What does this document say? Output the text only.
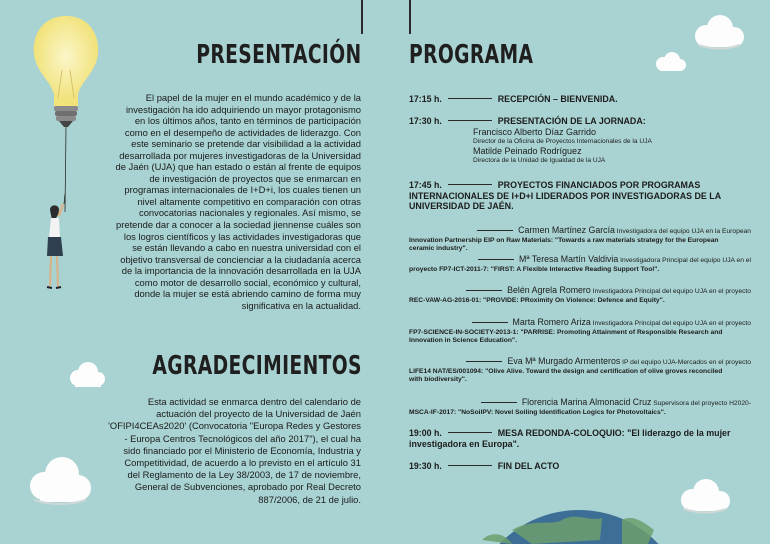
PRESENTACIÓN
El papel de la mujer en el mundo académico y de la
investigación ha ido adquiriendo un mayor protagonismo
en los últimos años, tanto en términos de participación
como en el desempeño de actividades de liderazgo. Con
este seminario se pretende dar visibilidad a la actividad
desarrollada por mujeres investigadoras de la Universidad
de Jaén (UJA) que han estado o están al frente de equipos
de investigación de proyectos que se enmarcan en
programas internacionales de I+D+i, los cuales tienen un
nivel altamente competitivo en comparación con otras
convocatorias nacionales y regionales. Así mismo, se
pretende dar a conocer a la sociedad jiennense cuáles son
los logros científicos y las actividades investigadoras que
se están llevando a cabo en nuestra universidad con el
objetivo transversal de concienciar a la ciudadanía acerca
de la importancia de la innovación desarrollada en la UJA
como motor de desarrollo social, económico y cultural,
donde la mujer se está abriendo camino de forma muy
significativa en la actualidad.
AGRADECIMIENTOS
Esta actividad se enmarca dentro del calendario de
actuación del proyecto de la Universidad de Jaén
'OFIPI4CEAs2020' (Convocatoria "Europa Redes y Gestores
- Europa Centros Tecnológicos del año 2017"), el cual ha
sido financiado por el Ministerio de Economía, Industria y
Competitividad, de acuerdo a lo previsto en el artículo 31
del Reglamento de la Ley 38/2003, de 17 de noviembre,
General de Subvenciones, aprobado por Real Decreto
887/2006, de 21 de julio.
PROGRAMA
17:15 h.	RECEPCIÓN – BIENVENIDA.
17:30 h.	PRESENTACIÓN DE LA JORNADA:
Francisco Alberto Díaz Garrido
Director de la Oficina de Proyectos Internacionales de la UJA
Matilde Peinado Rodríguez
Directora de la Unidad de Igualdad de la UJA
17:45 h.	PROYECTOS FINANCIADOS POR PROGRAMAS
INTERNACIONALES DE I+D+I LIDERADOS POR INVESTIGADORAS DE LA
UNIVERSIDAD DE JAÉN.
Carmen Martínez García Investigadora del equipo UJA en la European
Innovation Partnership EIP on Raw Materials: "Towards a raw materials strategy for the European
ceramic industry".
Mª Teresa Martín Valdivia Investigadora Principal del equipo UJA en el
proyecto FP7-ICT-2011-7: "FIRST: A Flexible Interactive Reading Support Tool".
Belén Agrela Romero Investigadora Principal del equipo UJA en el proyecto
REC-VAW-AG-2016-01: "PROVIDE: PRoximity On Violence: Defence and Equity".
Marta Romero Ariza Investigadora Principal del equipo UJA en el proyecto
FP7-SCIENCE-IN-SOCIETY-2013-1: "PARRISE: Promoting Attainment of Responsible Research and
Innovation in Science Education".
Eva Mª Murgado Armenteros IP del equipo UJA-Mercados en el proyecto
LIFE14 NAT/ES/001094: "Olive Alive. Toward the design and certification of olive groves reconciled
with biodiversity".
Florencia Marina Almonacid Cruz Supervisora del proyecto H2020-
MSCA-IF-2017: "NoSoilPV: Novel Soiling Identification Logics for Photovoltaics".
19:00 h.	MESA REDONDA-COLOQUIO: "El liderazgo de la mujer
investigadora en Europa".
19:30 h.	FIN DEL ACTO
